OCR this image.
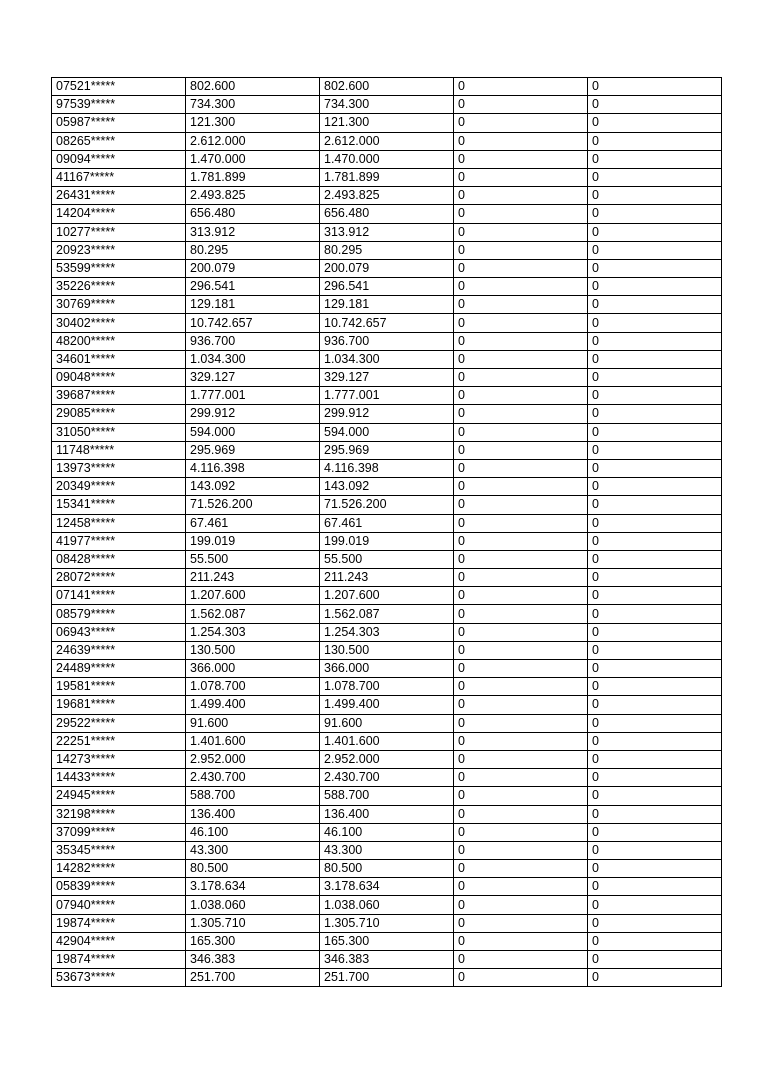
07521*****	802.600	802.600	0	0
97539*****	734.300	734.300	0	0
05987*****	121.300	121.300	0	0
08265*****	2.612.000	2.612.000	0	0
09094*****	1.470.000	1.470.000	0	0
41167*****	1.781.899	1.781.899	0	0
26431*****	2.493.825	2.493.825	0	0
14204*****	656.480	656.480	0	0
10277*****	313.912	313.912	0	0
20923*****	80.295	80.295	0	0
53599*****	200.079	200.079	0	0
35226*****	296.541	296.541	0	0
30769*****	129.181	129.181	0	0
30402*****	10.742.657	10.742.657	0	0
48200*****	936.700	936.700	0	0
34601*****	1.034.300	1.034.300	0	0
09048*****	329.127	329.127	0	0
39687*****	1.777.001	1.777.001	0	0
29085*****	299.912	299.912	0	0
31050*****	594.000	594.000	0	0
11748*****	295.969	295.969	0	0
13973*****	4.116.398	4.116.398	0	0
20349*****	143.092	143.092	0	0
15341*****	71.526.200	71.526.200	0	0
12458*****	67.461	67.461	0	0
41977*****	199.019	199.019	0	0
08428*****	55.500	55.500	0	0
28072*****	211.243	211.243	0	0
07141*****	1.207.600	1.207.600	0	0
08579*****	1.562.087	1.562.087	0	0
06943*****	1.254.303	1.254.303	0	0
24639*****	130.500	130.500	0	0
24489*****	366.000	366.000	0	0
19581*****	1.078.700	1.078.700	0	0
19681*****	1.499.400	1.499.400	0	0
29522*****	91.600	91.600	0	0
22251*****	1.401.600	1.401.600	0	0
14273*****	2.952.000	2.952.000	0	0
14433*****	2.430.700	2.430.700	0	0
24945*****	588.700	588.700	0	0
32198*****	136.400	136.400	0	0
37099*****	46.100	46.100	0	0
35345*****	43.300	43.300	0	0
14282*****	80.500	80.500	0	0
05839*****	3.178.634	3.178.634	0	0
07940*****	1.038.060	1.038.060	0	0
19874*****	1.305.710	1.305.710	0	0
42904*****	165.300	165.300	0	0
19874*****	346.383	346.383	0	0
53673*****	251.700	251.700	0	0
